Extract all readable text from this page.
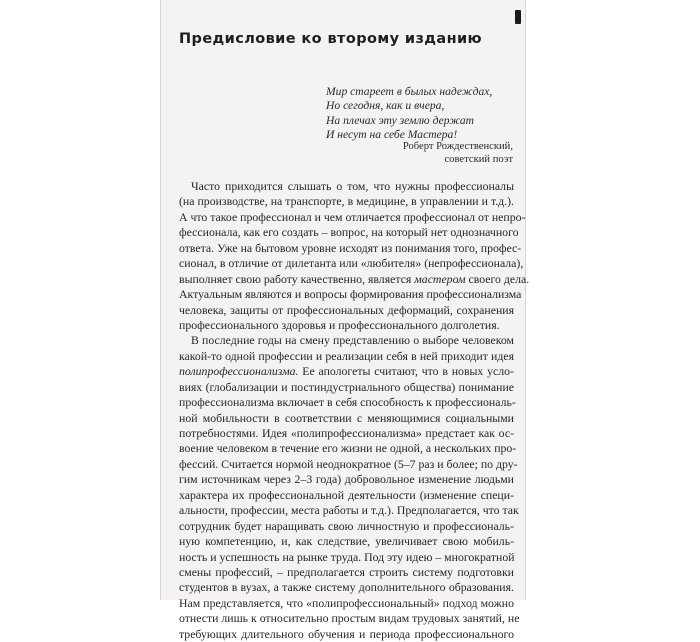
Предисловие ко второму изданию
Мир стареет в былых надеждах,
Но сегодня, как и вчера,
На плечах эту землю держат
И несут на себе Мастера!
Роберт Рождественский,
советский поэт
Часто приходится слышать о том, что нужны профессионалы
(на производстве, на транспорте, в медицине, в управлении и т.д.).
А что такое профессионал и чем отличается профессионал от непро-
фессионала, как его создать – вопрос, на который нет однозначного
ответа. Уже на бытовом уровне исходят из понимания того, профес-
сионал, в отличие от дилетанта или «любителя» (непрофессионала),
выполняет свою работу качественно, является мастером своего дела.
Актуальным являются и вопросы формирования профессионализма
человека, защиты от профессиональных деформаций, сохранения
профессионального здоровья и профессионального долголетия.
В последние годы на смену представлению о выборе человеком
какой-то одной профессии и реализации себя в ней приходит идея
полипрофессионализма. Ее апологеты считают, что в новых усло-
виях (глобализации и постиндустриального общества) понимание
профессионализма включает в себя способность к профессиональ-
ной мобильности в соответствии с меняющимися социальными
потребностями. Идея «полипрофессионализма» предстает как ос-
воение человеком в течение его жизни не одной, а нескольких про-
фессий. Считается нормой неоднократное (5–7 раз и более; по дру-
гим источникам через 2–3 года) добровольное изменение людьми
характера их профессиональной деятельности (изменение специ-
альности, профессии, места работы и т.д.). Предполагается, что так
сотрудник будет наращивать свою личностную и профессиональ-
ную компетенцию, и, как следствие, увеличивает свою мобиль-
ность и успешность на рынке труда. Под эту идею – многократной
смены профессий, – предполагается строить систему подготовки
студентов в вузах, а также систему дополнительного образования.
Нам представляется, что «полипрофессиональный» подход можно
отнести лишь к относительно простым видам трудовых занятий, не
требующих длительного обучения и периода профессионального
